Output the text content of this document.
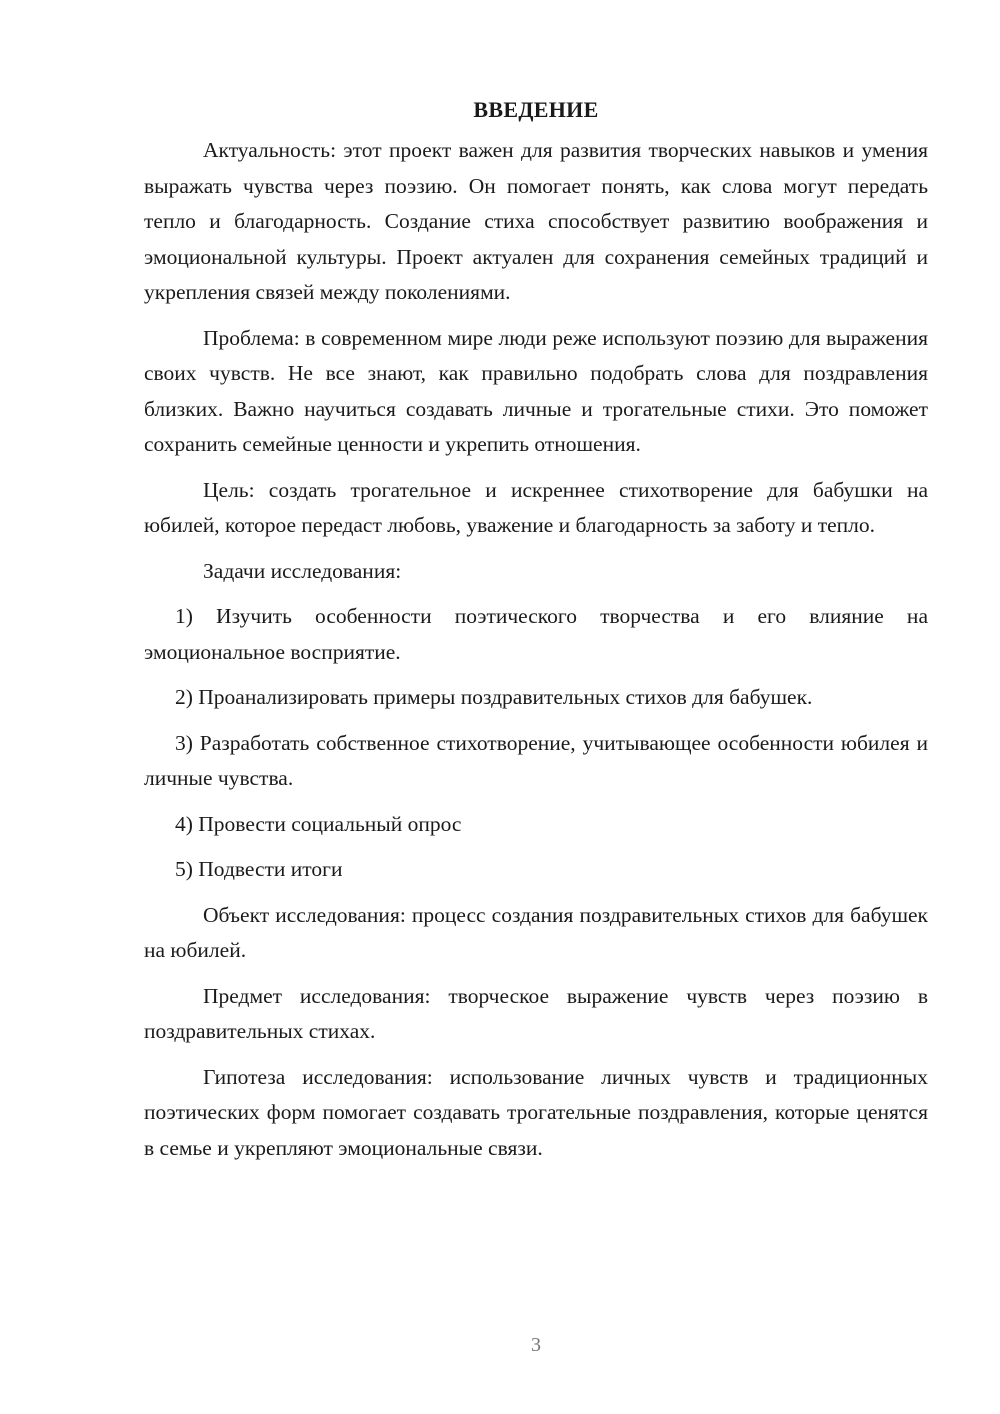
ВВЕДЕНИЕ

Актуальность: этот проект важен для развития творческих навыков и умения выражать чувства через поэзию. Он помогает понять, как слова могут передать тепло и благодарность. Создание стиха способствует развитию воображения и эмоциональной культуры. Проект актуален для сохранения семейных традиций и укрепления связей между поколениями.

Проблема: в современном мире люди реже используют поэзию для выражения своих чувств. Не все знают, как правильно подобрать слова для поздравления близких. Важно научиться создавать личные и трогательные стихи. Это поможет сохранить семейные ценности и укрепить отношения.

Цель: создать трогательное и искреннее стихотворение для бабушки на юбилей, которое передаст любовь, уважение и благодарность за заботу и тепло.

Задачи исследования:

1) Изучить особенности поэтического творчества и его влияние на эмоциональное восприятие.

2) Проанализировать примеры поздравительных стихов для бабушек.

3) Разработать собственное стихотворение, учитывающее особенности юбилея и личные чувства.

4) Провести социальный опрос

5) Подвести итоги

Объект исследования: процесс создания поздравительных стихов для бабушек на юбилей.

Предмет исследования: творческое выражение чувств через поэзию в поздравительных стихах.

Гипотеза исследования: использование личных чувств и традиционных поэтических форм помогает создавать трогательные поздравления, которые ценятся в семье и укрепляют эмоциональные связи.

3
